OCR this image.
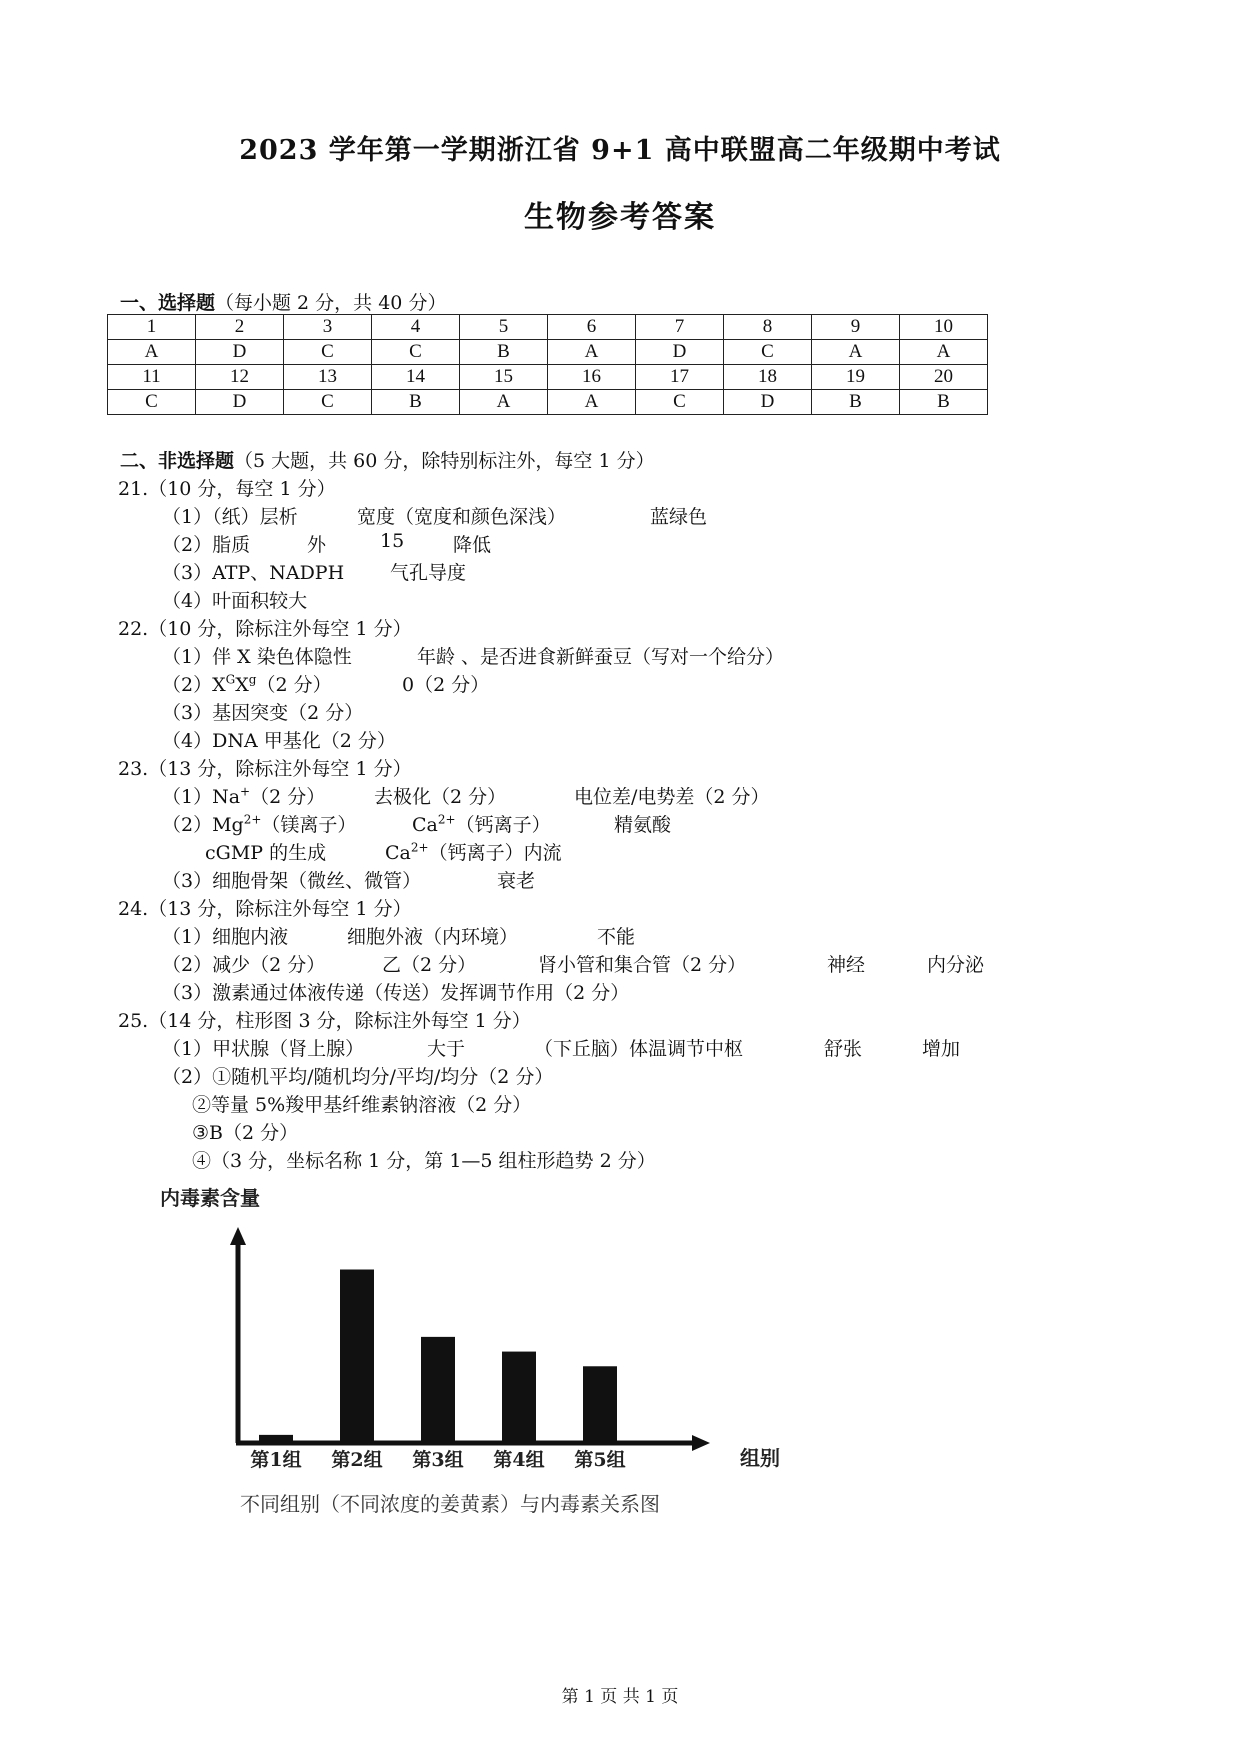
2023 学年第一学期浙江省 9+1 高中联盟高二年级期中考试
生物参考答案
一、选择题（每小题 2 分，共 40 分）
1	2	3	4	5	6	7	8	9	10
A	D	C	C	B	A	D	C	A	A
11	12	13	14	15	16	17	18	19	20
C	D	C	B	A	A	C	D	B	B
二、非选择题（5 大题，共 60 分，除特别标注外，每空 1 分）
21.（10 分，每空 1 分）
（1）（纸）层析	宽度（宽度和颜色深浅）	蓝绿色
（2）脂质	外	15	降低
（3）ATP、NADPH 气孔导度
（4）叶面积较大
22.（10 分，除标注外每空 1 分）
（1）伴 X 染色体隐性	年龄 、是否进食新鲜蚕豆（写对一个给分）
$(2)X^GX^g(2$ 分）	0（2 分）
（3）基因突变（2 分）
（4）DNA 甲基化（2 分）
23.（13 分，除标注外每空 1 分）
（1）Na+（2 分）	去极化（2 分）	电位差/电势差（2 分）
$(2)Mg^{2+}$（镁离子）	$Ca^{2+}$（钙离子）	精氨酸
cGMP 的生成	$Ca^{2+}$（钙离子）内流
（3）细胞骨架（微丝、微管）	衰老
24.（13 分，除标注外每空 1 分）
（1）细胞内液	细胞外液（内环境）	不能
（2）减少（2 分）	乙（2 分）	肾小管和集合管（2 分）	神经	内分泌
（3）激素通过体液传递（传送）发挥调节作用（2 分）
25.（14 分，柱形图 3 分，除标注外每空 1 分）
（1）甲状腺（肾上腺）	大于	（下丘脑）体温调节中枢	舒张	增加
（2）①随机平均/随机均分/平均/均分（2 分）
②等量 5%羧甲基纤维素钠溶液（2 分）
③B（2 分）
④（3 分，坐标名称 1 分，第 1—5 组柱形趋势 2 分）
内毒素含量
第1组 第2组 第3组 第4组 第5组	组别
不同组别（不同浓度的姜黄素）与内毒素关系图
第 1 页 共 1 页
